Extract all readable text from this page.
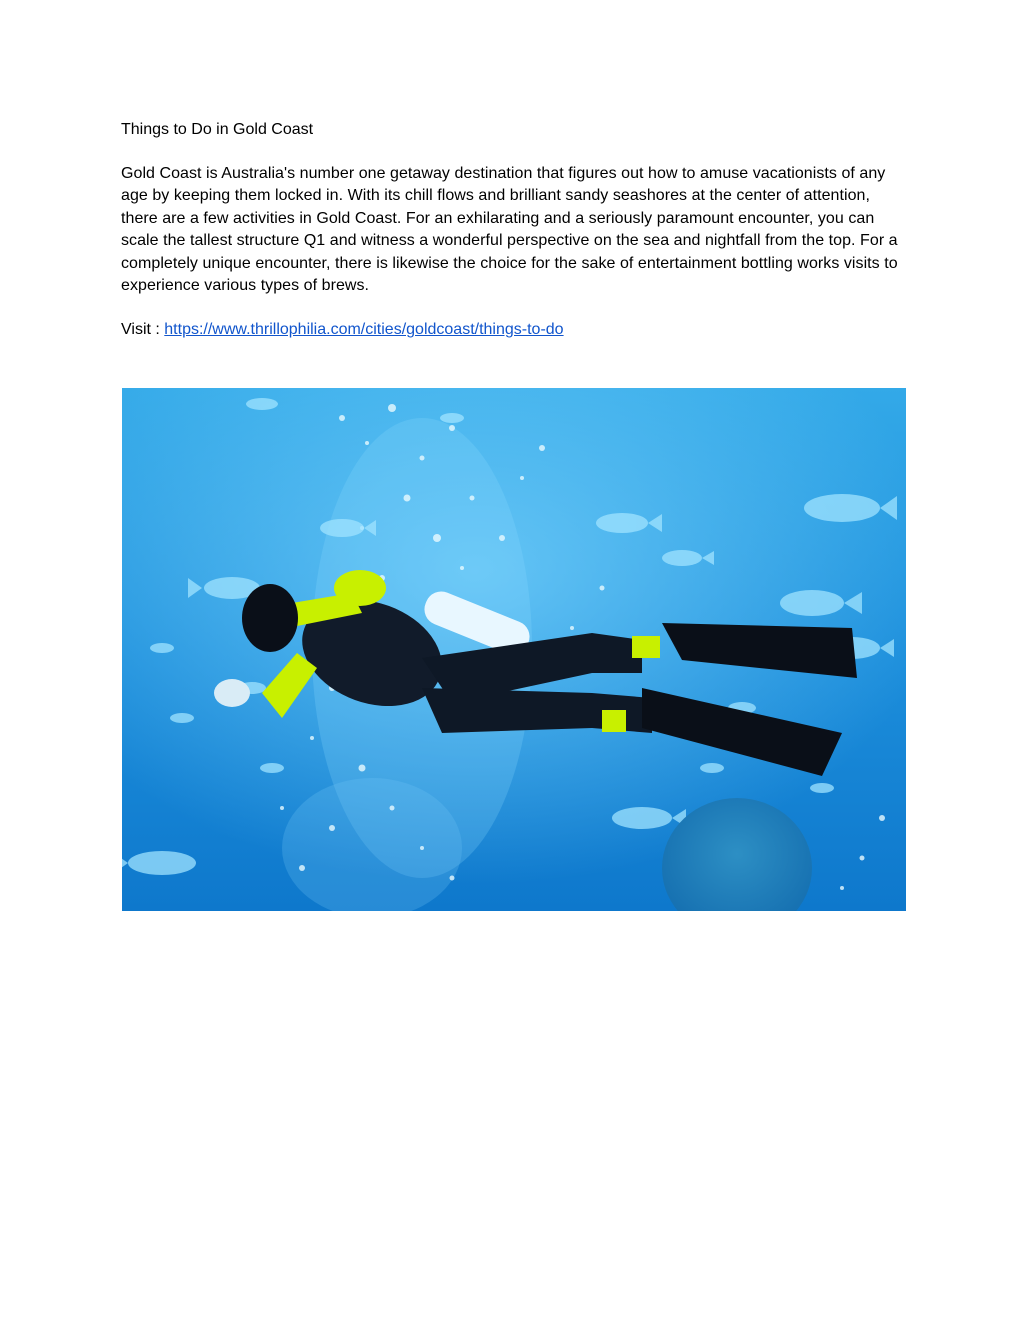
Things to Do in Gold Coast

Gold Coast is Australia's number one getaway destination that figures out how to amuse vacationists of any age by keeping them locked in. With its chill flows and brilliant sandy seashores at the center of attention, there are a few activities in Gold Coast. For an exhilarating and a seriously paramount encounter, you can scale the tallest structure Q1 and witness a wonderful perspective on the sea and nightfall from the top. For a completely unique encounter, there is likewise the choice for the sake of entertainment bottling works visits to experience various types of brews.

Visit : https://www.thrillophilia.com/cities/goldcoast/things-to-do
